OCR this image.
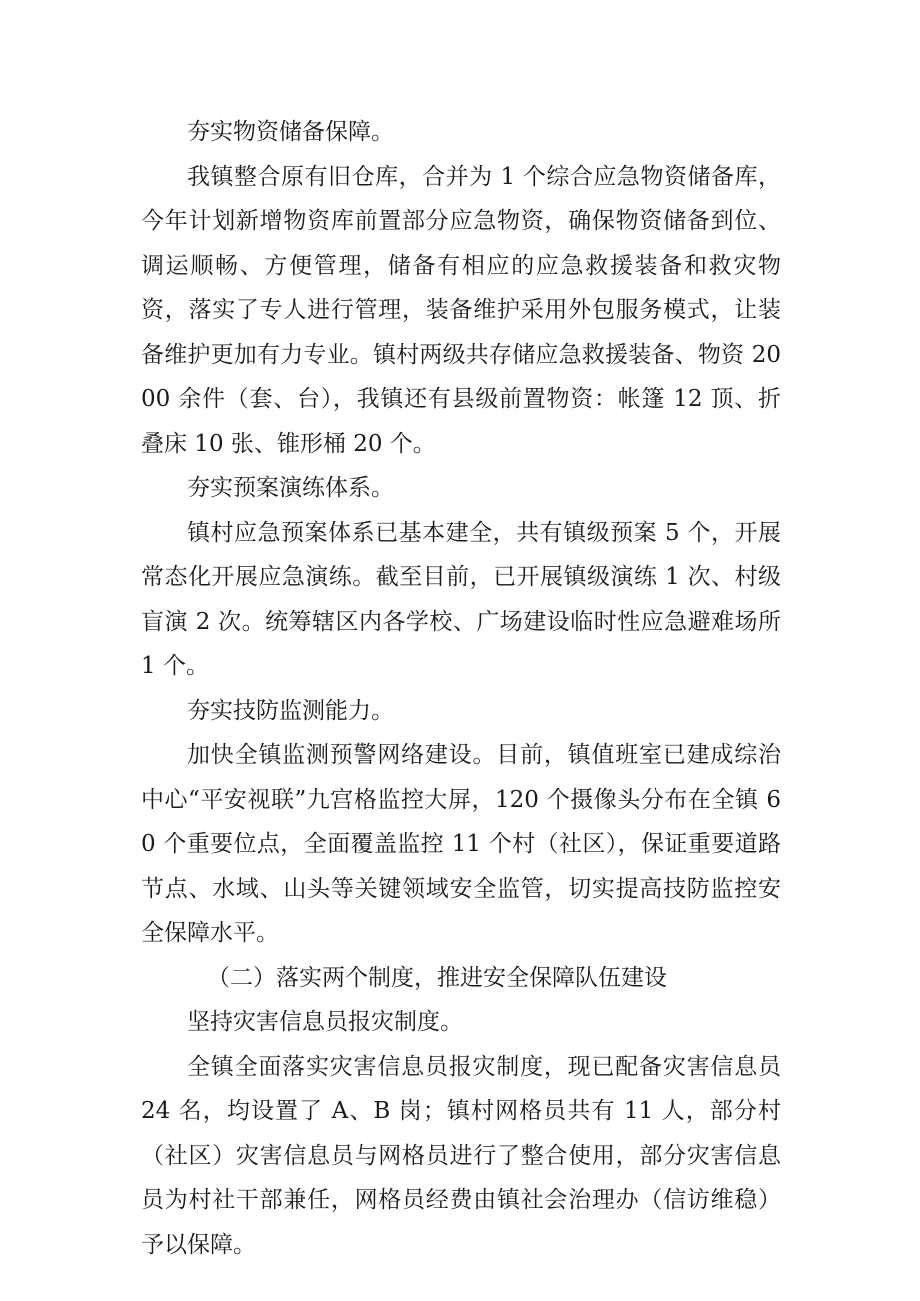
夯实物资储备保障。

我镇整合原有旧仓库，合并为 1 个综合应急物资储备库，今年计划新增物资库前置部分应急物资，确保物资储备到位、调运顺畅、方便管理，储备有相应的应急救援装备和救灾物资，落实了专人进行管理，装备维护采用外包服务模式，让装备维护更加有力专业。镇村两级共存储应急救援装备、物资 2000 余件（套、台），我镇还有县级前置物资：帐篷 12 顶、折叠床 10 张、锥形桶 20 个。

夯实预案演练体系。

镇村应急预案体系已基本建全，共有镇级预案 5 个，开展常态化开展应急演练。截至目前，已开展镇级演练 1 次、村级盲演 2 次。统筹辖区内各学校、广场建设临时性应急避难场所 1 个。

夯实技防监测能力。

加快全镇监测预警网络建设。目前，镇值班室已建成综治中心“平安视联”九宫格监控大屏，120 个摄像头分布在全镇 60 个重要位点，全面覆盖监控 11 个村（社区），保证重要道路节点、水域、山头等关键领域安全监管，切实提高技防监控安全保障水平。

（二）落实两个制度，推进安全保障队伍建设

坚持灾害信息员报灾制度。

全镇全面落实灾害信息员报灾制度，现已配备灾害信息员 24 名，均设置了 A、B 岗；镇村网格员共有 11 人，部分村（社区）灾害信息员与网格员进行了整合使用，部分灾害信息员为村社干部兼任，网格员经费由镇社会治理办（信访维稳）予以保障。
